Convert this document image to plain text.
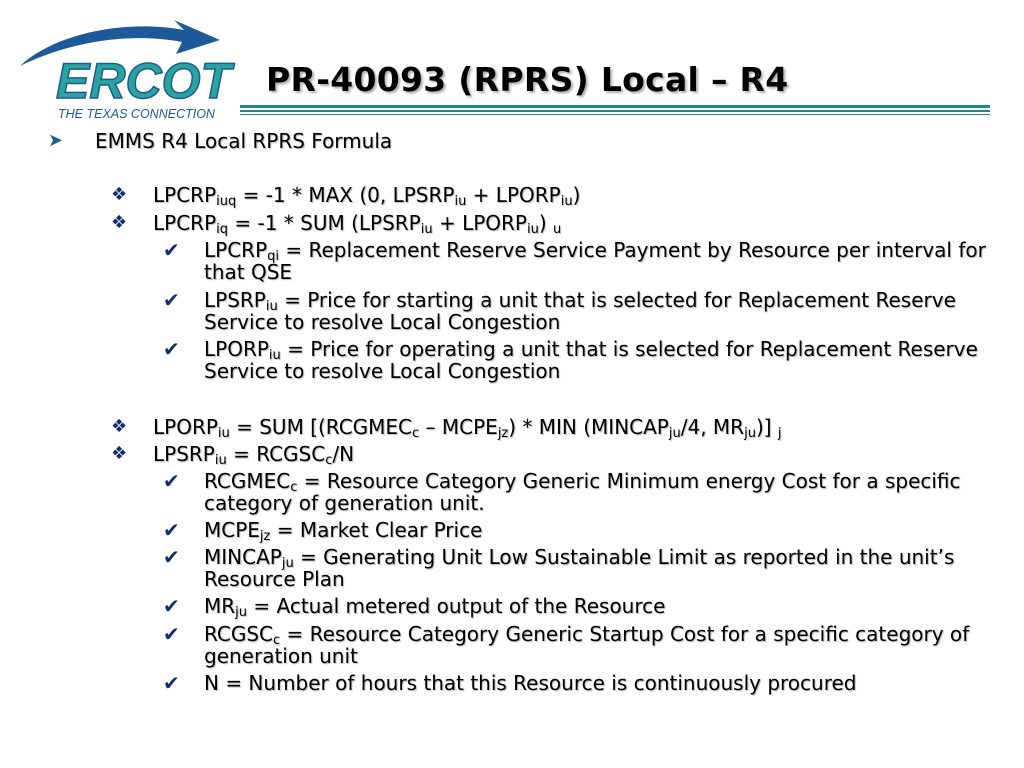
ERCOT
THE TEXAS CONNECTION
PR-40093 (RPRS) Local – R4
➤ EMMS R4 Local RPRS Formula
❖ $LPCRP_{iuq} = -1$ * MAX (0, $LPSRP_{iu}$ + $LPORP_{iu}$)
❖ $LPCRP_{iq} = -1$ * SUM ($LPSRP_{iu}$ + $LPORP_{iu}$) $_u$
✔ $LPCRP_{qi}$ = Replacement Reserve Service Payment by Resource per interval for that QSE
✔ $LPSRP_{iu}$ = Price for starting a unit that is selected for Replacement Reserve Service to resolve Local Congestion
✔ $LPORP_{iu}$ = Price for operating a unit that is selected for Replacement Reserve Service to resolve Local Congestion
❖ $LPORP_{iu}$ = SUM [($RCGMEC_c$ – $MCPE_{jz}$) * MIN ($MINCAP_{ju}/4$, $MR_{ju}$)] $_j$
❖ $LPSRP_{iu}$ = $RCGSC_c/N$
✔ $RCGMEC_c$ = Resource Category Generic Minimum energy Cost for a specific category of generation unit.
✔ $MCPE_{jz}$ = Market Clear Price
✔ $MINCAP_{ju}$ = Generating Unit Low Sustainable Limit as reported in the unit’s Resource Plan
✔ $MR_{ju}$ = Actual metered output of the Resource
✔ $RCGSC_c$ = Resource Category Generic Startup Cost for a specific category of generation unit
✔ N = Number of hours that this Resource is continuously procured
